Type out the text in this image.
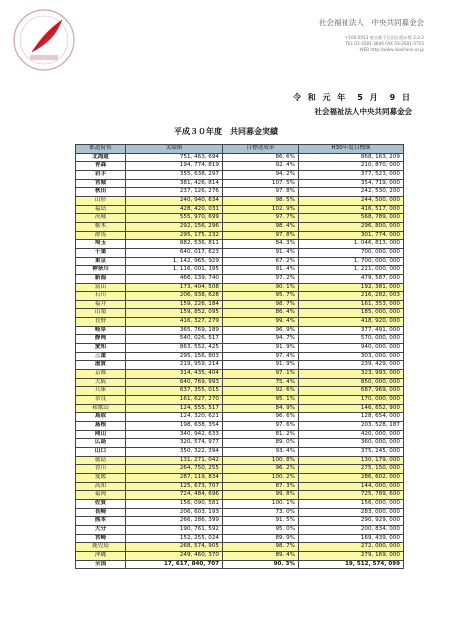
社会福祉法人　中央共同募金会
〒100-0013 東京都千代田区霞が関 3-3-2
TEL 03-3581-3846 FAX 03-3581-5755
WEB http://www.akaihane.or.jp
令 和 元 年　5 月　9 日
社会福祉法人中央共同募金会
平成３０年度　共同募金実績
都道府県	実績額	目標達成率	H30年度目標額
北海道	751, 463, 694	86. 6%	868, 163, 209
青森	194, 774, 819	92. 4%	210, 870, 000
岩手	355, 638, 297	94. 2%	377, 523, 000
宮城	381, 426, 814	107. 5%	354, 719, 000
秋田	237, 126, 276	97. 8%	242, 530, 200
山形	240, 940, 634	98. 5%	244, 500, 000
福島	428, 420, 031	102. 9%	416, 517, 000
茨城	555, 970, 699	97. 7%	568, 789, 000
栃木	292, 156, 296	98. 4%	296, 800, 000
群馬	295, 175, 232	97. 8%	301, 774, 000
埼玉	882, 536, 811	84. 3%	1, 046, 813, 000
千葉	640, 017, 623	91. 4%	700, 000, 000
東京	1, 142, 965, 929	67. 2%	1, 700, 000, 000
神奈川	1, 116, 001, 195	91. 4%	1, 221, 000, 000
新潟	466, 139, 740	97. 2%	479, 587, 000
富山	173, 404, 508	90. 1%	192, 381, 000
石川	206, 938, 628	95. 7%	216, 282, 003
福井	159, 226, 184	98. 7%	161, 353, 000
山梨	159, 852, 095	86. 4%	185, 000, 000
長野	416, 327, 279	99. 4%	418, 920, 000
岐阜	365, 769, 189	96. 9%	377, 491, 000
静岡	540, 026, 517	94. 7%	570, 000, 000
愛知	863, 552, 425	91. 9%	940, 000, 000
三重	295, 156, 803	97. 4%	303, 000, 000
滋賀	219, 959, 214	91. 9%	239, 429, 000
京都	314, 435, 404	97. 1%	323, 993, 000
大阪	640, 769, 993	75. 4%	850, 000, 000
兵庫	637, 355, 015	92. 6%	687, 969, 000
奈良	161, 627, 270	95. 1%	170, 000, 000
和歌山	124, 555, 517	84. 9%	146, 652, 900
鳥取	124, 320, 621	96. 6%	128, 654, 000
島根	198, 638, 354	97. 6%	203, 528, 187
岡山	340, 942, 633	81. 2%	420, 000, 000
広島	320, 574, 977	89. 0%	360, 000, 000
山口	350, 322, 394	93. 4%	375, 245, 000
徳島	131, 271, 042	100. 8%	130, 179, 000
香川	264, 750, 255	96. 2%	275, 150, 000
愛媛	287, 119, 834	100. 2%	286, 602, 000
高知	125, 673, 707	87. 3%	144, 000, 000
福岡	724, 484, 696	99. 8%	725, 789, 600
佐賀	156, 090, 581	100. 1%	156, 000, 000
長崎	206, 603, 193	73. 0%	283, 000, 000
熊本	266, 286, 399	91. 5%	290, 929, 000
大分	190, 761, 592	95. 0%	200, 834, 000
宮崎	152, 255, 024	89. 9%	169, 439, 000
鹿児島	268, 574, 905	98. 7%	272, 000, 000
沖縄	249, 460, 370	89. 4%	279, 169, 000
全国	17, 617, 840, 707	90. 3%	19, 512, 574, 099
